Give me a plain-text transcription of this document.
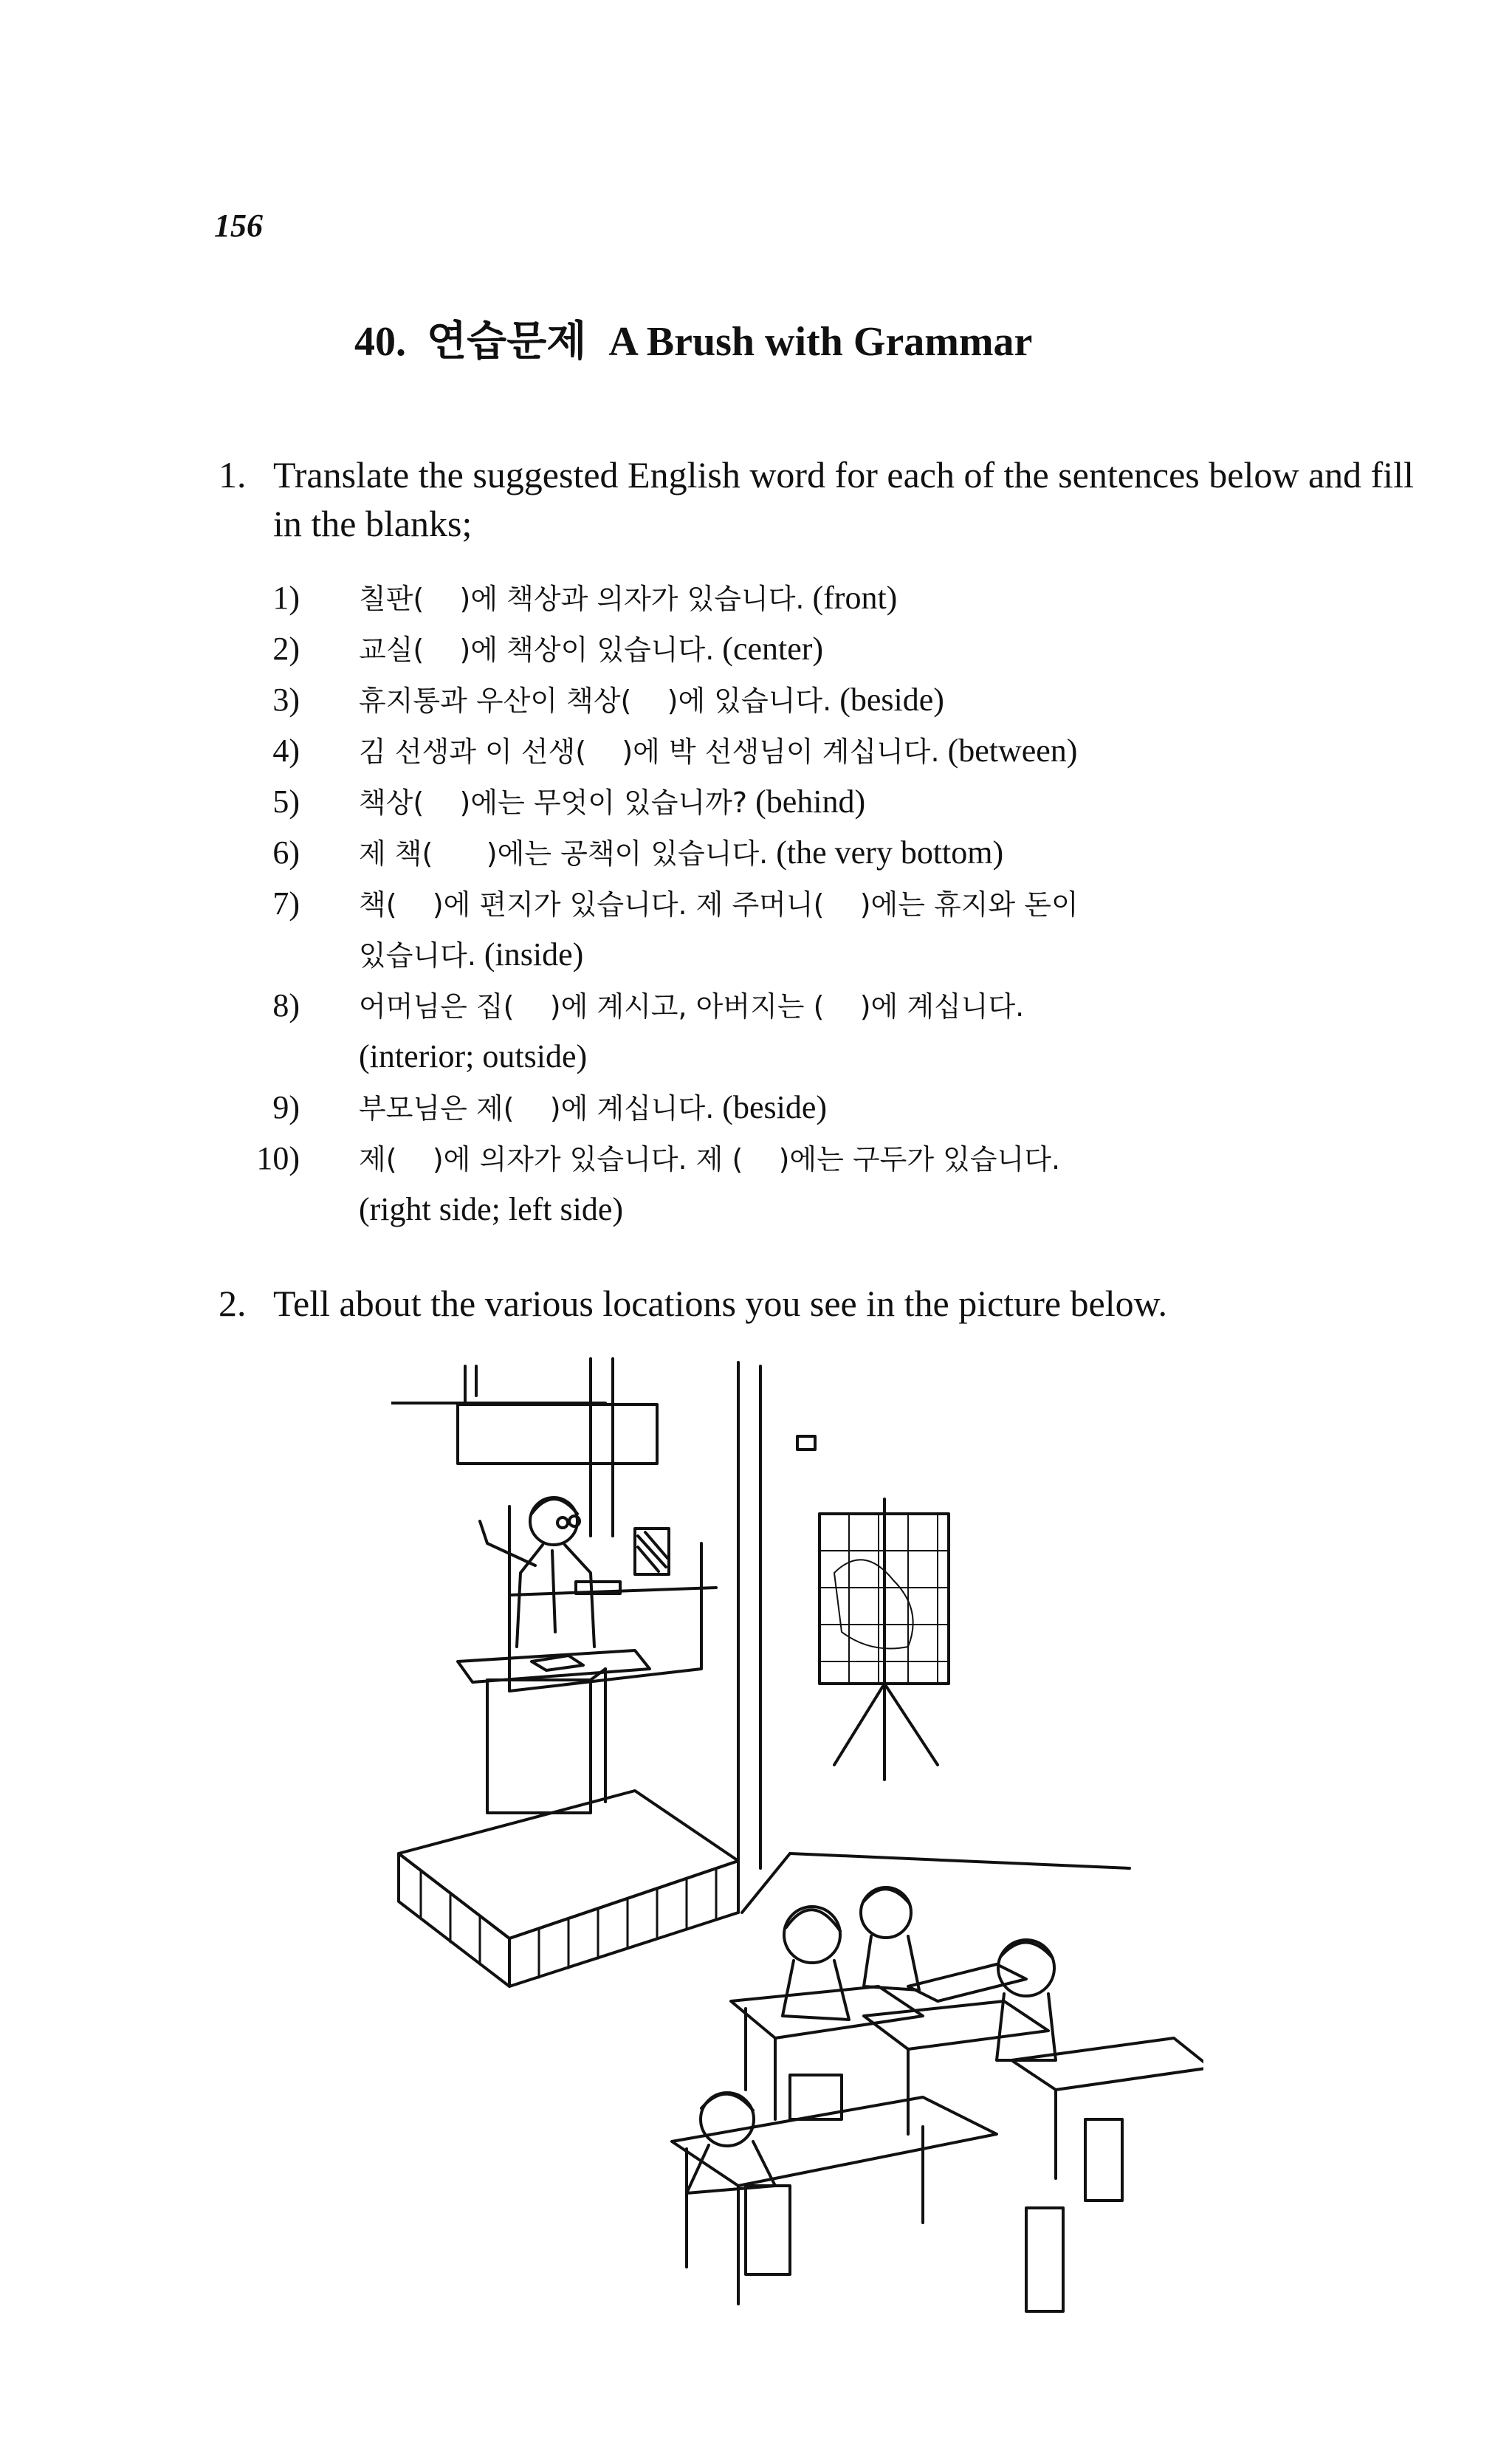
156
40. 연습문제 A Brush with Grammar
1. Translate the suggested English word for each of the sentences below and fill in the blanks;
1) 칠판(    )에 책상과 의자가 있습니다. (front)
2) 교실(    )에 책상이 있습니다. (center)
3) 휴지통과 우산이 책상(    )에 있습니다. (beside)
4) 김 선생과 이 선생(    )에 박 선생님이 계십니다. (between)
5) 책상(    )에는 무엇이 있습니까? (behind)
6) 제 책(      )에는 공책이 있습니다. (the very bottom)
7) 책(    )에 편지가 있습니다. 제 주머니(    )에는 휴지와 돈이
있습니다. (inside)
8) 어머님은 집(    )에 계시고, 아버지는 (    )에 계십니다.
(interior; outside)
9) 부모님은 제(    )에 계십니다. (beside)
10) 제(    )에 의자가 있습니다. 제 (    )에는 구두가 있습니다.
(right side; left side)
2. Tell about the various locations you see in the picture below.
